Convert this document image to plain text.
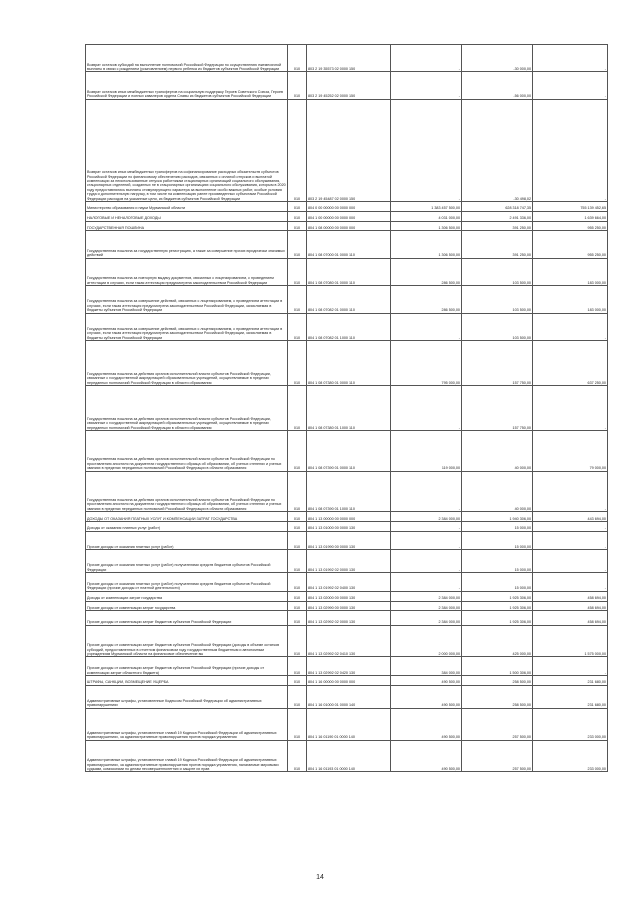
Возврат остатков субсидий на выполнение полномочий Российской Федерации по осуществлению ежемесячной выплаты в связи с рождением (усыновлением) первого ребенка из бюджетов субъектов Российской Федерации	010	803 2 19 35573 02 0000 150	-	-30 000,00	-
Возврат остатков иных межбюджетных трансфертов на социальную поддержку Героев Советского Союза, Героев Российской Федерации и полных кавалеров ордена Славы из бюджетов субъектов Российской Федерации	010	803 2 19 45252 02 0000 150	-	-56 000,00	-
Возврат остатков иных межбюджетных трансфертов на софинансирование расходных обязательств субъектов Российской Федерации по финансовому обеспечению расходов, связанных с оплатой отпусков и выплатой компенсации за неиспользованные отпуска работникам стационарных организаций социального обслуживания, стационарных отделений, созданных не в стационарных организациях социального обслуживания, которым в 2020 году предоставлялись выплаты стимулирующего характера за выполнение особо важных работ, особые условия труда и дополнительную нагрузку, в том числе на компенсацию ранее произведенных субъектами Российской Федерации расходов на указанные цели, из бюджетов субъектов Российской Федерации	010	803 2 19 45487 02 0000 150	-	-30 498,02	-
Министерство образования и науки Мурманской области	010	804 0 00 00000 00 0000 000	1 383 457 500,00	628 318 747,35	755 139 452,65
НАЛОГОВЫЕ И НЕНАЛОГОВЫЕ ДОХОДЫ	010	804 1 00 00000 00 0000 000	4 031 000,00	2 491 336,00	1 639 664,00
ГОСУДАРСТВЕННАЯ ПОШЛИНА	010	804 1 08 00000 00 0000 000	1 306 500,00	391 250,00	955 250,00
Государственная пошлина за государственную регистрацию, а также за совершение прочих юридически значимых действий	010	804 1 08 07000 01 0000 110	1 306 500,00	391 250,00	955 250,00
Государственная пошлина за повторную выдачу документов, связанных с лицензированием, с проведением аттестации в случаях, если такая аттестация предусмотрена законодательством Российской Федерации	010	804 1 08 07080 01 0000 110	286 500,00	103 500,00	183 000,00
Государственная пошлина за совершение действий, связанных с лицензированием, с проведением аттестации в случаях, если такая аттестация предусмотрена законодательством Российской Федерации, зачисляемая в бюджеты субъектов Российской Федерации	010	804 1 08 07082 01 0000 110	286 500,00	103 500,00	183 000,00
Государственная пошлина за совершение действий, связанных с лицензированием, с проведением аттестации в случаях, если такая аттестация предусмотрена законодательством Российской Федерации, зачисляемая в бюджеты субъектов Российской Федерации	010	804 1 08 07082 01 1000 110	-	103 500,00	-
Государственная пошлина за действия органов исполнительной власти субъектов Российской Федерации, связанные с государственной аккредитацией образовательных учреждений, осуществляемые в пределах переданных полномочий Российской Федерации в области образования	010	804 1 08 07380 01 0000 110	795 000,00	157 750,00	637 250,00
Государственная пошлина за действия органов исполнительной власти субъектов Российской Федерации, связанные с государственной аккредитацией образовательных учреждений, осуществляемые в пределах переданных полномочий Российской Федерации в области образования	010	804 1 08 07380 01 1000 110	-	157 750,00	-
Государственная пошлина за действия органов исполнительной власти субъектов Российской Федерации по проставлению апостиля на документах государственного образца об образовании, об ученых степенях и ученых званиях в пределах переданных полномочий Российской Федерации в области образования	010	804 1 08 07390 01 0000 110	119 000,00	40 000,00	79 000,00
Государственная пошлина за действия органов исполнительной власти субъектов Российской Федерации по проставлению апостиля на документах государственного образца об образовании, об ученых степенях и ученых званиях в пределах переданных полномочий Российской Федерации в области образования	010	804 1 08 07390 01 1000 110	-	40 000,00	-
ДОХОДЫ ОТ ОКАЗАНИЯ ПЛАТНЫХ УСЛУГ И КОМПЕНСАЦИИ ЗАТРАТ ГОСУДАРСТВА	010	804 1 13 00000 00 0000 000	2 384 000,00	1 940 306,00	443 694,00
Доходы от оказания платных услуг (работ)	010	804 1 13 01000 00 0000 130	-	15 000,00	-
Прочие доходы от оказания платных услуг (работ)	010	804 1 13 01990 00 0000 130	-	15 000,00	-
Прочие доходы от оказания платных услуг (работ) получателями средств бюджетов субъектов Российской Федерации	010	804 1 13 01992 02 0000 130	-	15 000,00	-
Прочие доходы от оказания платных услуг (работ) получателями средств бюджетов субъектов Российской Федерации (прочие доходы от платной деятельности)	010	804 1 13 01992 02 0400 130	-	15 000,00	-
Доходы от компенсации затрат государства	010	804 1 13 02000 00 0000 130	2 384 000,00	1 925 306,00	458 694,00
Прочие доходы от компенсации затрат государства	010	804 1 13 02990 00 0000 130	2 384 000,00	1 925 306,00	458 694,00
Прочие доходы от компенсации затрат бюджетов субъектов Российской Федерации	010	804 1 13 02992 02 0000 130	2 384 000,00	1 925 306,00	458 694,00
Прочие доходы от компенсации затрат бюджетов субъектов Российской Федерации (доходы в объеме остатков субсидий, предоставленных в отчетном финансовом году государственным бюджетным и автономным учреждениям Мурманской области на финансовое обеспечение вы	010	804 1 13 02992 02 0410 130	2 000 000,00	425 000,00	1 575 000,00
Прочие доходы от компенсации затрат бюджетов субъектов Российской Федерации (прочие доходы от компенсации затрат областного бюджета)	010	804 1 13 02992 02 0420 130	384 000,00	1 500 306,00	-
ШТРАФЫ, САНКЦИИ, ВОЗМЕЩЕНИЕ УЩЕРБА	010	804 1 16 00000 00 0000 000	490 500,00	258 500,00	231 680,00
Административные штрафы, установленные Кодексом Российской Федерации об административных правонарушениях	010	804 1 16 01000 01 0000 140	490 500,00	258 500,00	231 680,00
Административные штрафы, установленные главой 19 Кодекса Российской Федерации об административных правонарушениях, за административные правонарушения против порядка управления	010	804 1 16 01190 01 0000 140	490 500,00	257 500,00	233 000,00
Административные штрафы, установленные главой 19 Кодекса Российской Федерации об административных правонарушениях, за административные правонарушения против порядка управления, налагаемые мировыми судьями, комиссиями по делам несовершеннолетних и защите их прав	010	804 1 16 01193 01 0000 140	490 500,00	257 500,00	233 000,00
14
